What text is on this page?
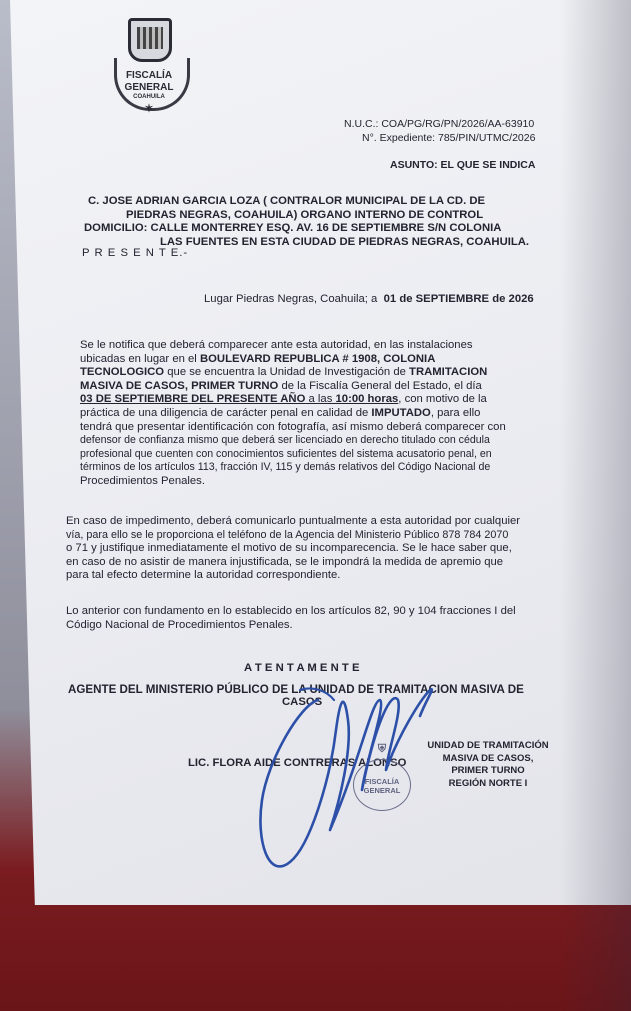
FISCALÍA
GENERAL
COAHUILA
✶
N.U.C.: COA/PG/RG/PN/2026/AA-63910
N°. Expediente: 785/PIN/UTMC/2026
ASUNTO: EL QUE SE INDICA
C. JOSE ADRIAN GARCIA LOZA ( CONTRALOR MUNICIPAL DE LA CD. DE
PIEDRAS NEGRAS, COAHUILA) ORGANO INTERNO DE CONTROL
DOMICILIO: CALLE MONTERREY ESQ. AV. 16 DE SEPTIEMBRE S/N COLONIA
LAS FUENTES EN ESTA CIUDAD DE PIEDRAS NEGRAS, COAHUILA.
P R E S E N T E.-
Lugar Piedras Negras, Coahuila; a 01 de SEPTIEMBRE de 2026
Se le notifica que deberá comparecer ante esta autoridad, en las instalaciones
ubicadas en lugar en el BOULEVARD REPUBLICA # 1908, COLONIA
TECNOLOGICO que se encuentra la Unidad de Investigación de TRAMITACION
MASIVA DE CASOS, PRIMER TURNO de la Fiscalía General del Estado, el día
03 DE SEPTIEMBRE DEL PRESENTE AÑO a las 10:00 horas, con motivo de la
práctica de una diligencia de carácter penal en calidad de IMPUTADO, para ello
tendrá que presentar identificación con fotografía, así mismo deberá comparecer con
defensor de confianza mismo que deberá ser licenciado en derecho titulado con cédula
profesional que cuenten con conocimientos suficientes del sistema acusatorio penal, en
términos de los artículos 113, fracción IV, 115 y demás relativos del Código Nacional de
Procedimientos Penales.
En caso de impedimento, deberá comunicarlo puntualmente a esta autoridad por cualquier
vía, para ello se le proporciona el teléfono de la Agencia del Ministerio Público 878 784 2070
o 71 y justifique inmediatamente el motivo de su incomparecencia. Se le hace saber que,
en caso de no asistir de manera injustificada, se le impondrá la medida de apremio que
para tal efecto determine la autoridad correspondiente.
Lo anterior con fundamento en lo establecido en los artículos 82, 90 y 104 fracciones I del
Código Nacional de Procedimientos Penales.
A T E N T A M E N T E
AGENTE DEL MINISTERIO PÚBLICO DE LA UNIDAD DE TRAMITACION MASIVA DE
CASOS
LIC. FLORA AIDE CONTRERAS ALONSO
UNIDAD DE TRAMITACIÓN
MASIVA DE CASOS,
PRIMER TURNO
REGIÓN NORTE I
⛨
FISCALÍA
GENERAL
